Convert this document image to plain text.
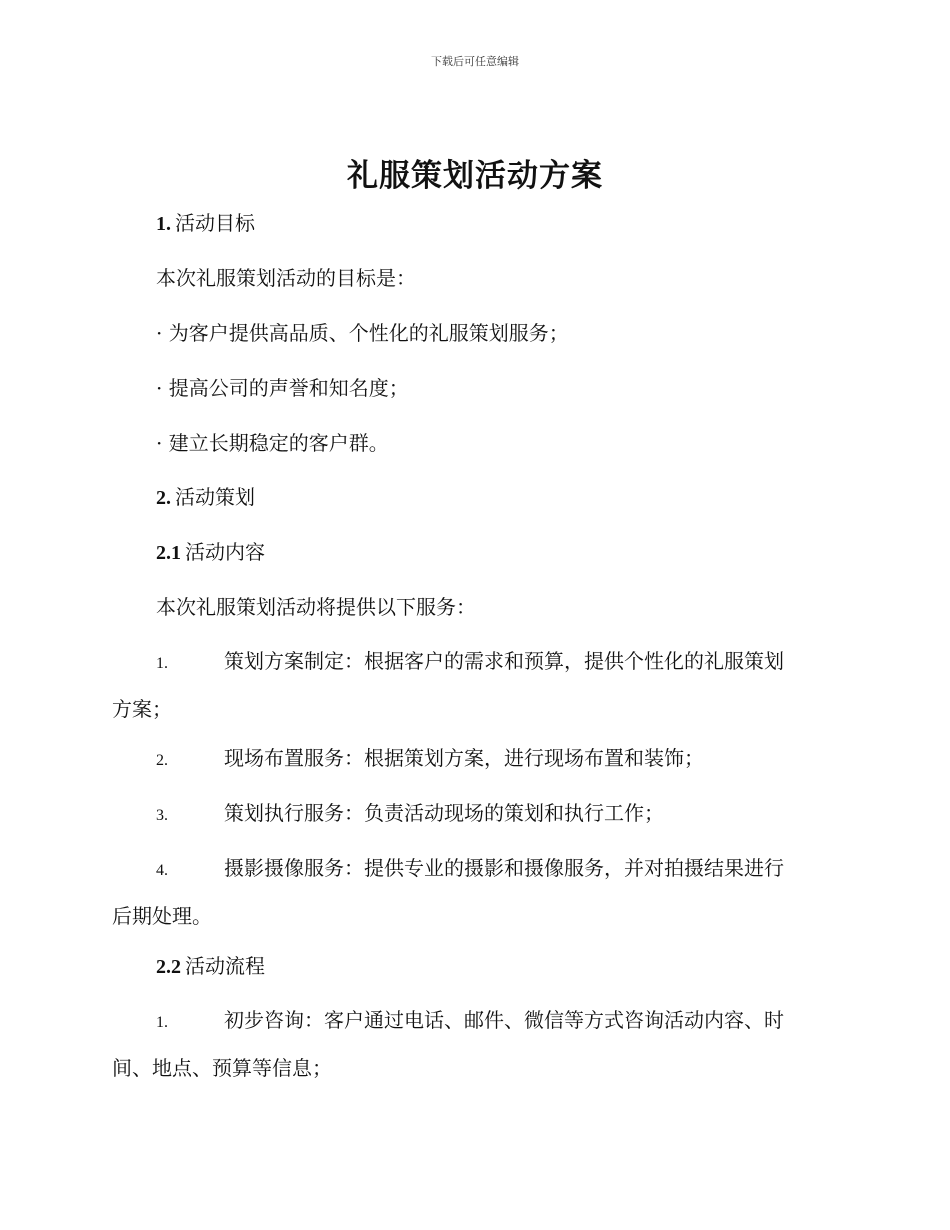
下载后可任意编辑
礼服策划活动方案
1. 活动目标
本次礼服策划活动的目标是：
· 为客户提供高品质、个性化的礼服策划服务；
· 提高公司的声誉和知名度；
· 建立长期稳定的客户群。
2. 活动策划
2.1 活动内容
本次礼服策划活动将提供以下服务：
1.	策划方案制定：根据客户的需求和预算，提供个性化的礼服策划
方案；
2.	现场布置服务：根据策划方案，进行现场布置和装饰；
3.	策划执行服务：负责活动现场的策划和执行工作；
4.	摄影摄像服务：提供专业的摄影和摄像服务，并对拍摄结果进行
后期处理。
2.2 活动流程
1.	初步咨询：客户通过电话、邮件、微信等方式咨询活动内容、时
间、地点、预算等信息；
